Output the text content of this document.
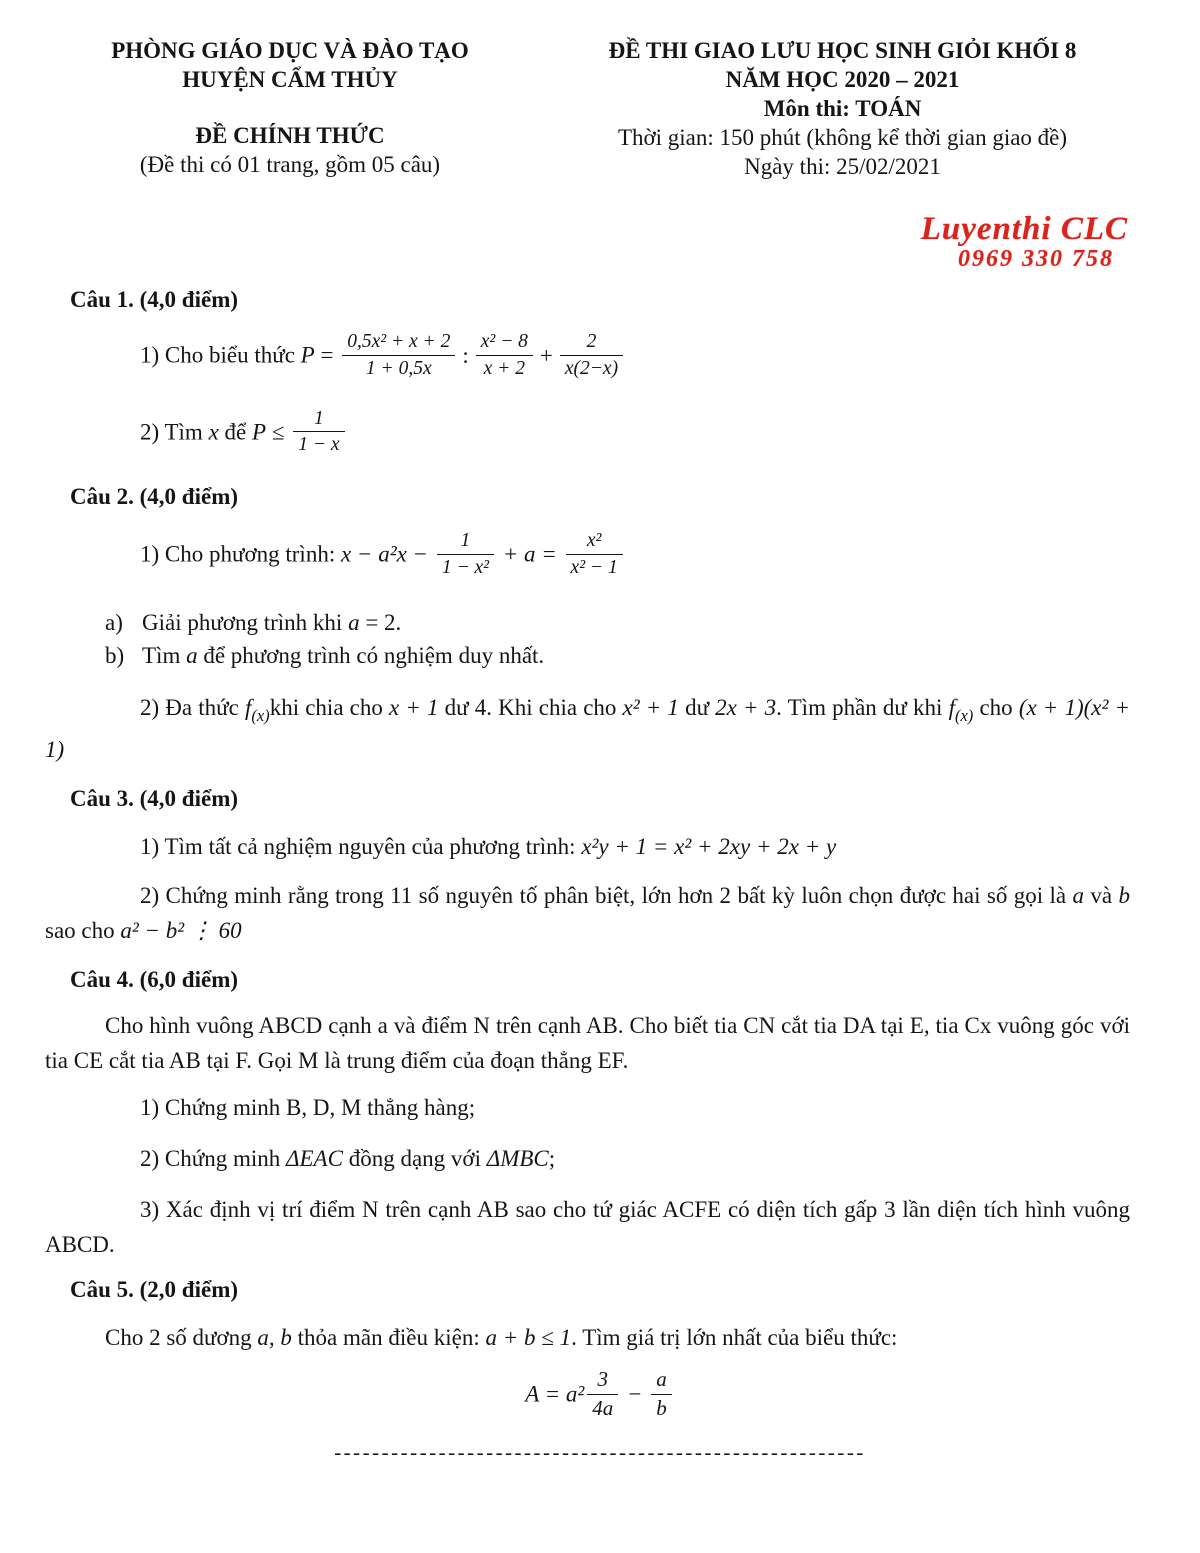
PHÒNG GIÁO DỤC VÀ ĐÀO TẠO
HUYỆN CẨM THỦY
ĐỀ CHÍNH THỨC
(Đề thi có 01 trang, gồm 05 câu)
ĐỀ THI GIAO LƯU HỌC SINH GIỎI KHỐI 8
NĂM HỌC 2020 – 2021
Môn thi: TOÁN
Thời gian: 150 phút (không kể thời gian giao đề)
Ngày thi: 25/02/2021
Luyenthi CLC
0969 330 758
Câu 1. (4,0 điểm)
1) Cho biểu thức $P = \frac{\text{0,5x² + x + 2}}{1 + 0,5x}$ : $\frac{\text{x² − 8}}{x + 2} + \frac{2}{x(2-x)}$
2) Tìm x để $P \le \frac{1}{1 - x}$
Câu 2. (4,0 điểm)
1) Cho phương trình: $x - a^2x - \frac{1}{\text{1 − x²}} + a = \frac{\text{x²}}{\text{x² − 1}}$
a) Giải phương trình khi a = 2.
b) Tìm a để phương trình có nghiệm duy nhất.
2) Đa thức $f_{(x)}khi$ chia cho x + 1 dư 4. Khi chia cho x² + 1 dư 2x + 3. Tìm phần dư khi $f_{(x)}$ cho (x + 1)(x² + 1)
Câu 3. (4,0 điểm)
1) Tìm tất cả nghiệm nguyên của phương trình: x²y + 1 = x² + 2xy + 2x + y
2) Chứng minh rằng trong 11 số nguyên tố phân biệt, lớn hơn 2 bất kỳ luôn chọn được hai số gọi là a và b sao cho a² − b² ⋮ 60
Câu 4. (6,0 điểm)
Cho hình vuông ABCD cạnh a và điểm N trên cạnh AB. Cho biết tia CN cắt tia DA tại E, tia Cx vuông góc với tia CE cắt tia AB tại F. Gọi M là trung điểm của đoạn thẳng EF.
1) Chứng minh B, D, M thẳng hàng;
2) Chứng minh ΔEAC đồng dạng với ΔMBC;
3) Xác định vị trí điểm N trên cạnh AB sao cho tứ giác ACFE có diện tích gấp 3 lần diện tích hình vuông ABCD.
Câu 5. (2,0 điểm)
Cho 2 số dương a, b thỏa mãn điều kiện: a + b ≤ 1. Tìm giá trị lớn nhất của biểu thức:
$A = a^2 \frac{3}{4a} - \frac{a}{b}$
--------------------------------------------------------
